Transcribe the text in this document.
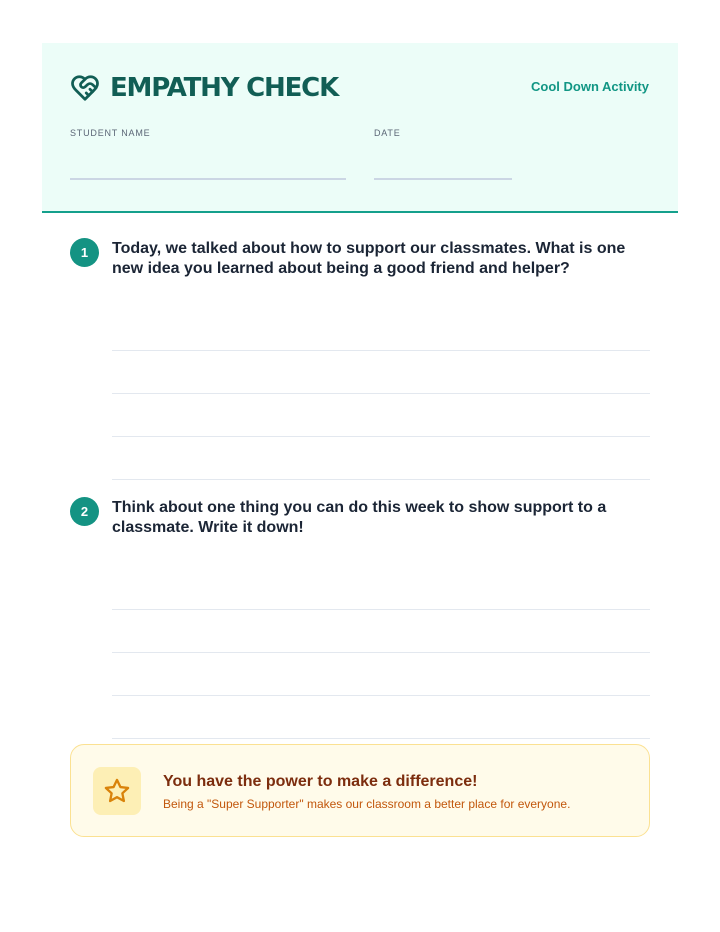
EMPATHY CHECK	Cool Down Activity
STUDENT NAME	DATE
1	Today, we talked about how to support our classmates. What is one new idea you learned about being a good friend and helper?
2	Think about one thing you can do this week to show support to a classmate. Write it down!
You have the power to make a difference!
Being a "Super Supporter" makes our classroom a better place for everyone.
